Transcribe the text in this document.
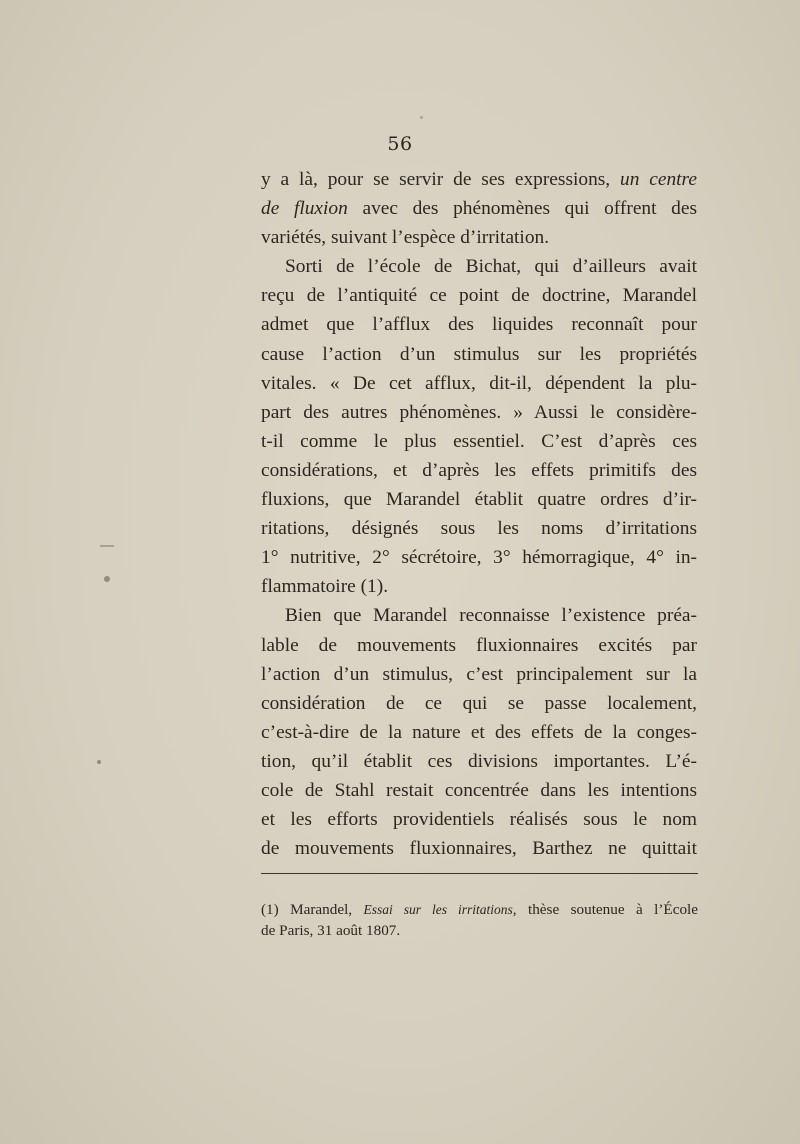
56

y a là, pour se servir de ses expressions, un centre
de fluxion avec des phénomènes qui offrent des
variétés, suivant l’espèce d’irritation.

Sorti de l’école de Bichat, qui d’ailleurs avait
reçu de l’antiquité ce point de doctrine, Marandel
admet que l’afflux des liquides reconnaît pour
cause l’action d’un stimulus sur les propriétés
vitales. « De cet afflux, dit-il, dépendent la plu-
part des autres phénomènes. » Aussi le considère-
t-il comme le plus essentiel. C’est d’après ces
considérations, et d’après les effets primitifs des
fluxions, que Marandel établit quatre ordres d’ir-
ritations, désignés sous les noms d’irritations
1° nutritive, 2° sécrétoire, 3° hémorragique, 4° in-
flammatoire (1).

Bien que Marandel reconnaisse l’existence préa-
lable de mouvements fluxionnaires excités par
l’action d’un stimulus, c’est principalement sur la
considération de ce qui se passe localement,
c’est-à-dire de la nature et des effets de la conges-
tion, qu’il établit ces divisions importantes. L’é-
cole de Stahl restait concentrée dans les intentions
et les efforts providentiels réalisés sous le nom
de mouvements fluxionnaires, Barthez ne quittait

(1) Marandel, Essai sur les irritations, thèse soutenue à l’École
de Paris, 31 août 1807.
